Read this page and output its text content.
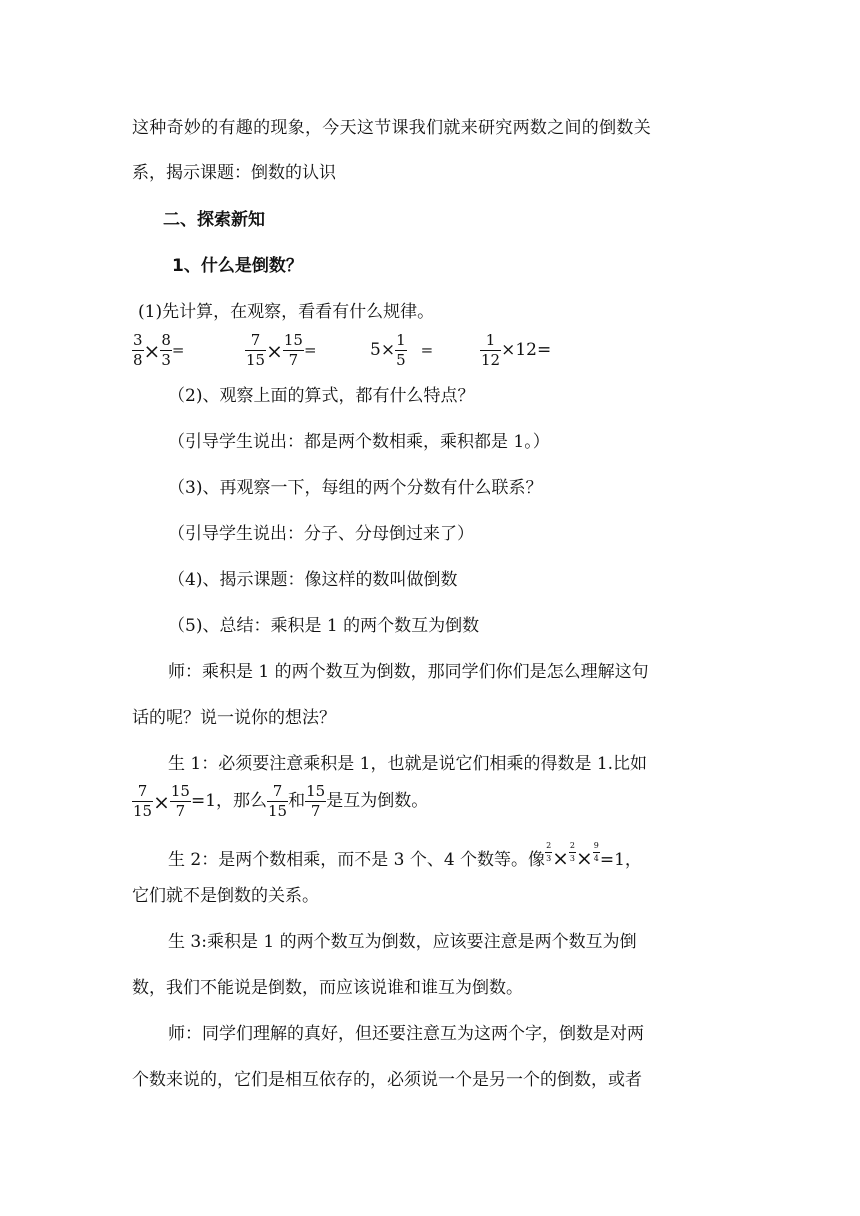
这种奇妙的有趣的现象，今天这节课我们就来研究两数之间的倒数关
系，揭示课题：倒数的认识
二、探索新知
1、什么是倒数？
(1)先计算，在观察，看看有什么规律。
$\frac{3}{8} \times \frac{8}{3}$ =	$\frac{7}{15} \times \frac{15}{7}$ =	$5\times \frac{1}{5}$ =	$\frac{1}{12} \times 12=$
（2)、观察上面的算式，都有什么特点？
（引导学生说出：都是两个数相乘，乘积都是 1。）
（3)、再观察一下，每组的两个分数有什么联系？
（引导学生说出：分子、分母倒过来了）
（4)、揭示课题：像这样的数叫做倒数
（5)、总结：乘积是 1 的两个数互为倒数
师：乘积是 1 的两个数互为倒数，那同学们你们是怎么理解这句
话的呢？说一说你的想法？
生 1：必须要注意乘积是 1，也就是说它们相乘的得数是 1.比如
$\frac{7}{15} \times \frac{15}{7} =1$，那么 $\frac{7}{15}$ 和 $\frac{15}{7}$ 是互为倒数。
生 2：是两个数相乘，而不是 3 个、4 个数等。像 $\frac{2}{3} \times \frac{2}{3} \times \frac{9}{4} =1$，
它们就不是倒数的关系。
生 3:乘积是 1 的两个数互为倒数，应该要注意是两个数互为倒
数，我们不能说是倒数，而应该说谁和谁互为倒数。
师：同学们理解的真好，但还要注意互为这两个字，倒数是对两
个数来说的，它们是相互依存的，必须说一个是另一个的倒数，或者
